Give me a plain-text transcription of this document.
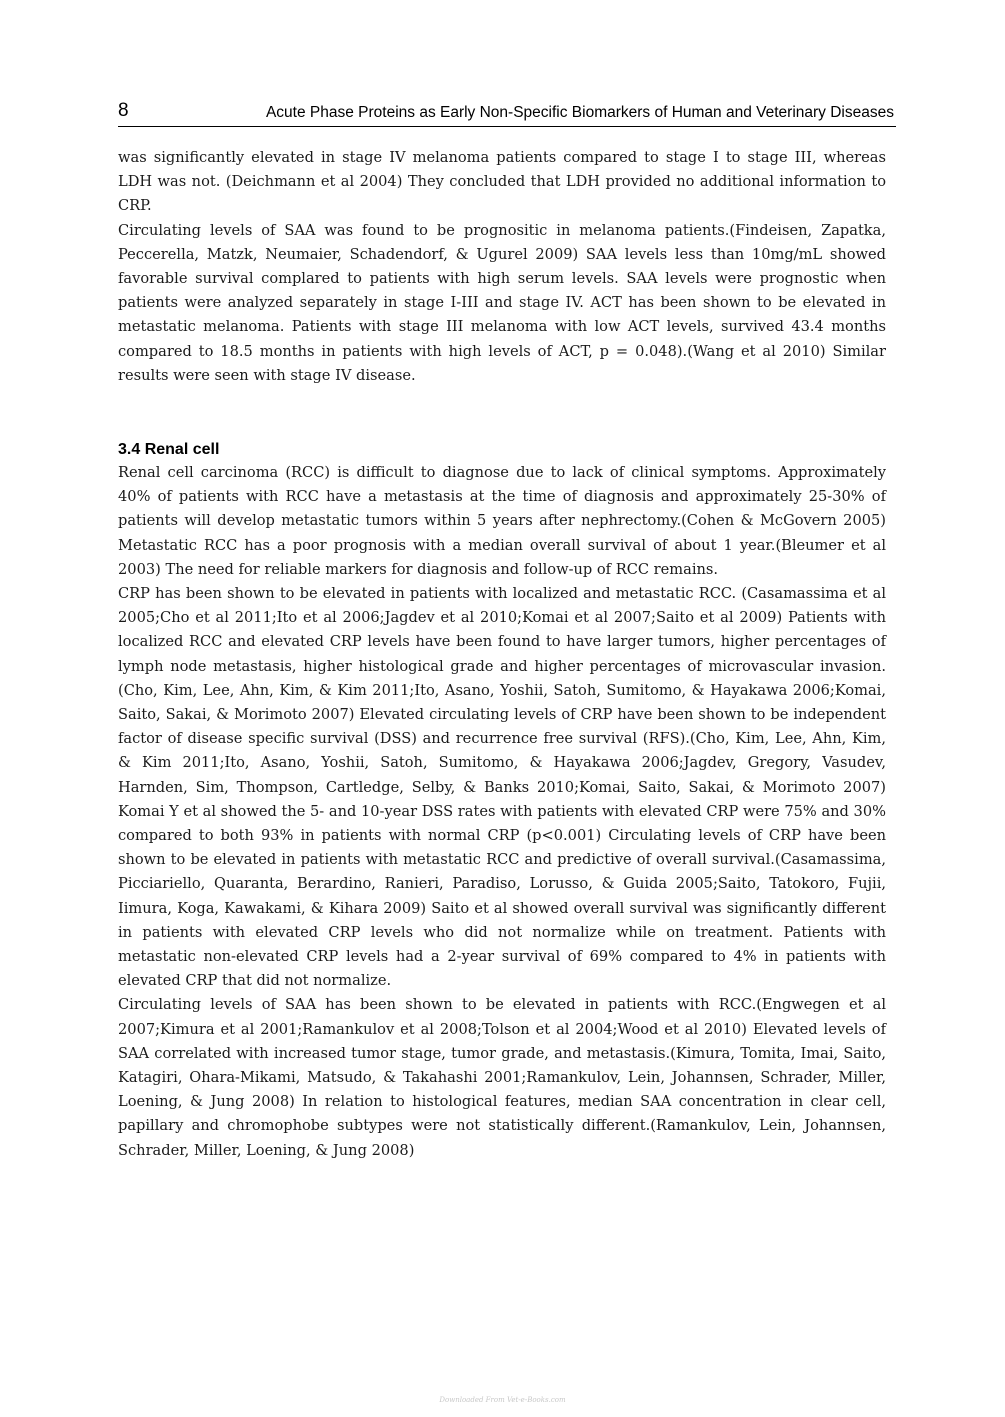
8	Acute Phase Proteins as Early Non-Specific Biomarkers of Human and Veterinary Diseases

was significantly elevated in stage IV melanoma patients compared to stage I to stage III, whereas LDH was not. (Deichmann et al 2004) They concluded that LDH provided no additional information to CRP.

Circulating levels of SAA was found to be prognositic in melanoma patients.(Findeisen, Zapatka, Peccerella, Matzk, Neumaier, Schadendorf, & Ugurel 2009) SAA levels less than 10mg/mL showed favorable survival complared to patients with high serum levels. SAA levels were prognostic when patients were analyzed separately in stage I-III and stage IV. ACT has been shown to be elevated in metastatic melanoma. Patients with stage III melanoma with low ACT levels, survived 43.4 months compared to 18.5 months in patients with high levels of ACT, p = 0.048).(Wang et al 2010) Similar results were seen with stage IV disease.

3.4 Renal cell

Renal cell carcinoma (RCC) is difficult to diagnose due to lack of clinical symptoms. Approximately 40% of patients with RCC have a metastasis at the time of diagnosis and approximately 25-30% of patients will develop metastatic tumors within 5 years after nephrectomy.(Cohen & McGovern 2005) Metastatic RCC has a poor prognosis with a median overall survival of about 1 year.(Bleumer et al 2003) The need for reliable markers for diagnosis and follow-up of RCC remains.

CRP has been shown to be elevated in patients with localized and metastatic RCC. (Casamassima et al 2005;Cho et al 2011;Ito et al 2006;Jagdev et al 2010;Komai et al 2007;Saito et al 2009) Patients with localized RCC and elevated CRP levels have been found to have larger tumors, higher percentages of lymph node metastasis, higher histological grade and higher percentages of microvascular invasion.(Cho, Kim, Lee, Ahn, Kim, & Kim 2011;Ito, Asano, Yoshii, Satoh, Sumitomo, & Hayakawa 2006;Komai, Saito, Sakai, & Morimoto 2007) Elevated circulating levels of CRP have been shown to be independent factor of disease specific survival (DSS) and recurrence free survival (RFS).(Cho, Kim, Lee, Ahn, Kim, & Kim 2011;Ito, Asano, Yoshii, Satoh, Sumitomo, & Hayakawa 2006;Jagdev, Gregory, Vasudev, Harnden, Sim, Thompson, Cartledge, Selby, & Banks 2010;Komai, Saito, Sakai, & Morimoto 2007) Komai Y et al showed the 5- and 10-year DSS rates with patients with elevated CRP were 75% and 30% compared to both 93% in patients with normal CRP (p<0.001) Circulating levels of CRP have been shown to be elevated in patients with metastatic RCC and predictive of overall survival.(Casamassima, Picciariello, Quaranta, Berardino, Ranieri, Paradiso, Lorusso, & Guida 2005;Saito, Tatokoro, Fujii, Iimura, Koga, Kawakami, & Kihara 2009) Saito et al showed overall survival was significantly different in patients with elevated CRP levels who did not normalize while on treatment. Patients with metastatic non-elevated CRP levels had a 2-year survival of 69% compared to 4% in patients with elevated CRP that did not normalize.

Circulating levels of SAA has been shown to be elevated in patients with RCC.(Engwegen et al 2007;Kimura et al 2001;Ramankulov et al 2008;Tolson et al 2004;Wood et al 2010) Elevated levels of SAA correlated with increased tumor stage, tumor grade, and metastasis.(Kimura, Tomita, Imai, Saito, Katagiri, Ohara-Mikami, Matsudo, & Takahashi 2001;Ramankulov, Lein, Johannsen, Schrader, Miller, Loening, & Jung 2008) In relation to histological features, median SAA concentration in clear cell, papillary and chromophobe subtypes were not statistically different.(Ramankulov, Lein, Johannsen, Schrader, Miller, Loening, & Jung 2008)

Downloaded From Vet-e-Books.com
